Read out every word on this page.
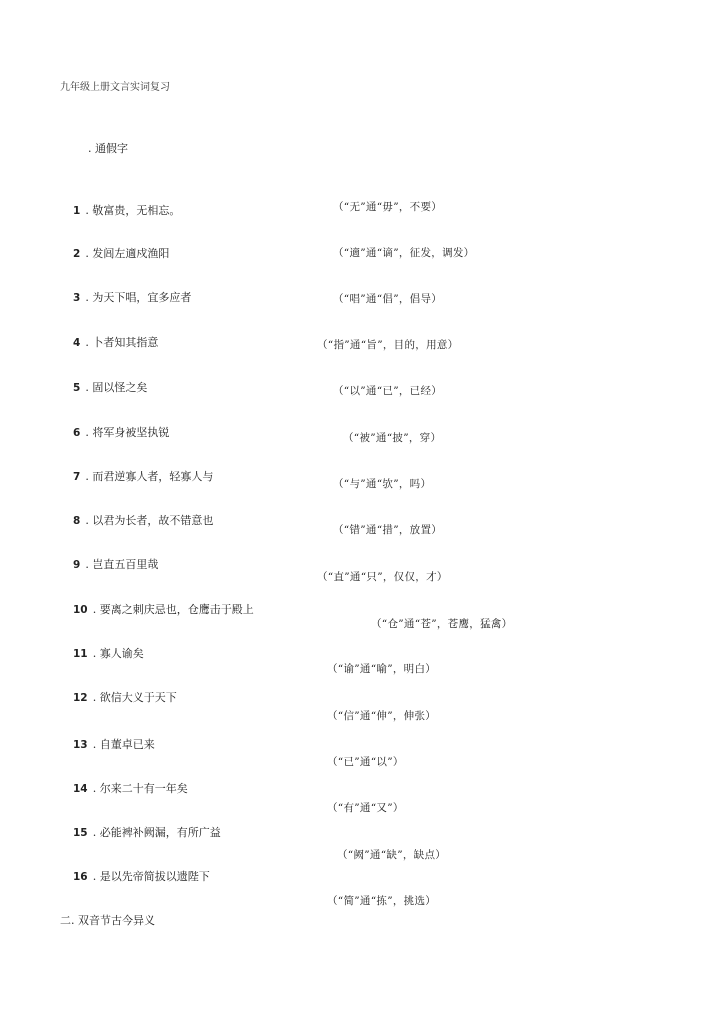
九年级上册文言实词复习
. 通假字
1 . 敬富贵，无相忘。	（“无”通“毋”，不要）
2 . 发闾左適戍渔阳	（“適”通“谪”，征发，调发）
3 . 为天下唱，宜多应者	（“唱”通“倡”，倡导）
4 . 卜者知其指意	（“指”通“旨”，目的，用意）
5 . 固以怪之矣	（“以”通“已”，已经）
6 . 将军身被坚执锐	（“被”通“披”，穿）
7 . 而君逆寡人者，轻寡人与
（“与”通“欤”，吗）
8 . 以君为长者，故不错意也
（“错”通“措”，放置）
9 . 岂直五百里哉
（“直”通“只”，仅仅，才）
10 . 要离之刺庆忌也，仓鹰击于殿上
（“仓”通“苍”，苍鹰，猛禽）
11 . 寡人谕矣
（“谕”通“喻”，明白）
12 . 欲信大义于天下
（“信”通“伸”，伸张）
13 . 自董卓已来
（“已”通“以”）
14 . 尔来二十有一年矣
（“有”通“又”）
15 . 必能裨补阙漏，有所广益
（“阙”通“缺”，缺点）
16 . 是以先帝简拔以遗陛下
（“简”通“拣”，挑选）
二. 双音节古今异义
